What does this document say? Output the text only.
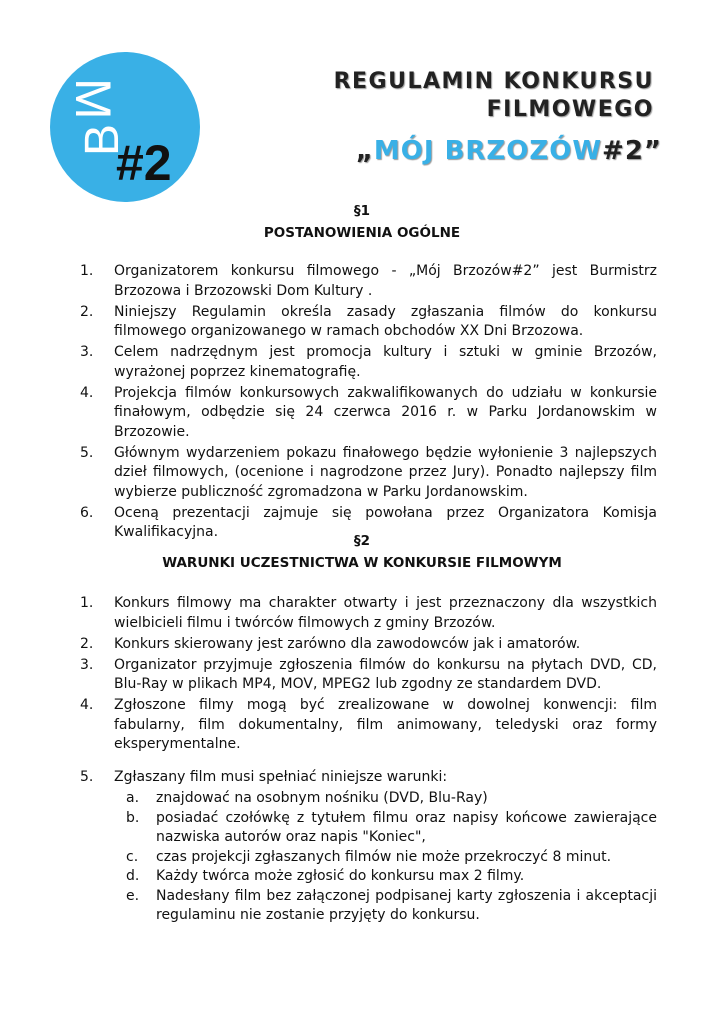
M
B
#2
REGULAMIN KONKURSU
FILMOWEGO
„MÓJ BRZOZÓW#2”
§1
POSTANOWIENIA OGÓLNE
1. Organizatorem konkursu filmowego - „Mój Brzozów#2” jest Burmistrz Brzozowa i Brzozowski Dom Kultury .
2. Niniejszy Regulamin określa zasady zgłaszania filmów do konkursu filmowego organizowanego w ramach obchodów XX Dni Brzozowa.
3. Celem nadrzędnym jest promocja kultury i sztuki w gminie Brzozów, wyrażonej poprzez kinematografię.
4. Projekcja filmów konkursowych zakwalifikowanych do udziału w konkursie finałowym, odbędzie się 24 czerwca 2016 r. w Parku Jordanowskim w Brzozowie.
5. Głównym wydarzeniem pokazu finałowego będzie wyłonienie 3 najlepszych dzieł filmowych, (ocenione i nagrodzone przez Jury). Ponadto najlepszy film wybierze publiczność zgromadzona w Parku Jordanowskim.
6. Oceną prezentacji zajmuje się powołana przez Organizatora Komisja Kwalifikacyjna.
§2
WARUNKI UCZESTNICTWA W KONKURSIE FILMOWYM
1. Konkurs filmowy ma charakter otwarty i jest przeznaczony dla wszystkich wielbicieli filmu i twórców filmowych z gminy Brzozów.
2. Konkurs skierowany jest zarówno dla zawodowców jak i amatorów.
3. Organizator przyjmuje zgłoszenia filmów do konkursu na płytach DVD, CD, Blu-Ray w plikach MP4, MOV, MPEG2 lub zgodny ze standardem DVD.
4. Zgłoszone filmy mogą być zrealizowane w dowolnej konwencji: film fabularny, film dokumentalny, film animowany, teledyski oraz formy eksperymentalne.
5. Zgłaszany film musi spełniać niniejsze warunki:
a. znajdować na osobnym nośniku (DVD, Blu-Ray)
b. posiadać czołówkę z tytułem filmu oraz napisy końcowe zawierające nazwiska autorów oraz napis "Koniec",
c. czas projekcji zgłaszanych filmów nie może przekroczyć 8 minut.
d. Każdy twórca może zgłosić do konkursu max 2 filmy.
e. Nadesłany film bez załączonej podpisanej karty zgłoszenia i akceptacji regulaminu nie zostanie przyjęty do konkursu.
